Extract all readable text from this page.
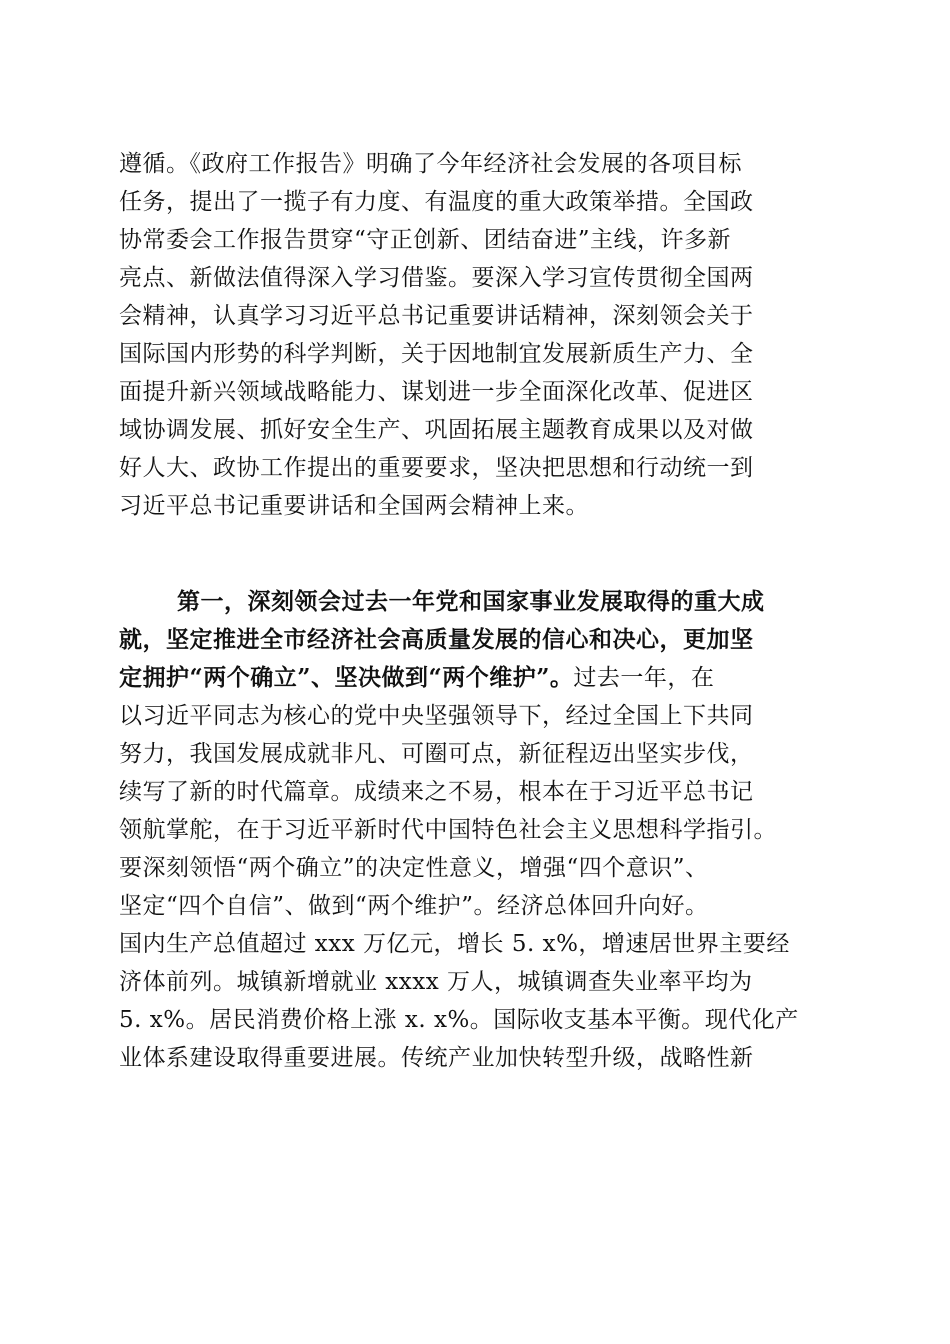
遵循。《政府工作报告》明确了今年经济社会发展的各项目标
任务，提出了一揽子有力度、有温度的重大政策举措。全国政
协常委会工作报告贯穿“守正创新、团结奋进”主线，许多新
亮点、新做法值得深入学习借鉴。要深入学习宣传贯彻全国两
会精神，认真学习习近平总书记重要讲话精神，深刻领会关于
国际国内形势的科学判断，关于因地制宜发展新质生产力、全
面提升新兴领域战略能力、谋划进一步全面深化改革、促进区
域协调发展、抓好安全生产、巩固拓展主题教育成果以及对做
好人大、政协工作提出的重要要求，坚决把思想和行动统一到
习近平总书记重要讲话和全国两会精神上来。
第一，深刻领会过去一年党和国家事业发展取得的重大成
就，坚定推进全市经济社会高质量发展的信心和决心，更加坚
定拥护“两个确立”、坚决做到“两个维护”。过去一年，在
以习近平同志为核心的党中央坚强领导下，经过全国上下共同
努力，我国发展成就非凡、可圈可点，新征程迈出坚实步伐，
续写了新的时代篇章。成绩来之不易，根本在于习近平总书记
领航掌舵，在于习近平新时代中国特色社会主义思想科学指引。
要深刻领悟“两个确立”的决定性意义，增强“四个意识”、
坚定“四个自信”、做到“两个维护”。经济总体回升向好。
国内生产总值超过 xxx 万亿元，增长 5. x%，增速居世界主要经
济体前列。城镇新增就业 xxxx 万人，城镇调查失业率平均为
5. x%。居民消费价格上涨 x. x%。国际收支基本平衡。现代化产
业体系建设取得重要进展。传统产业加快转型升级，战略性新
